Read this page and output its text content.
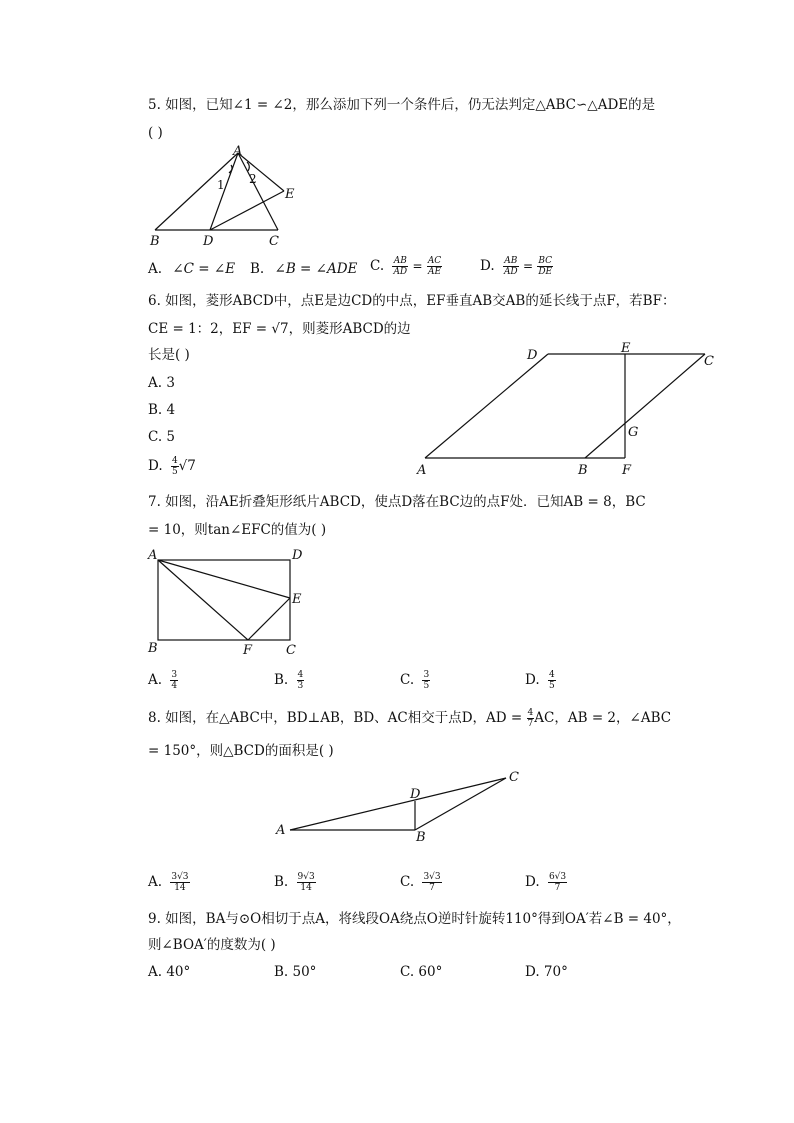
5. 如图，已知∠1 = ∠2，那么添加下列一个条件后，仍无法判定△ABC∽△ADE的是
( )
A
B	C
D
E
1 2
A. ∠C = ∠E B. ∠B = ∠ADE C. $\frac{AB}{AD} = \frac{AC}{AE}$	D. $\frac{AB}{AD} = \frac{BC}{DE}$
6. 如图，菱形ABCD中，点E是边CD的中点，EF垂直AB交AB的延长线于点F，若BF：
CE = 1：2，EF = √7，则菱形ABCD的边
长是( )
A. 3
B. 4
C. 5
D. $\frac{4}{5} √7$	A	B
C
D	E
F
G
7. 如图，沿AE折叠矩形纸片ABCD，使点D落在BC边的点F处．已知AB = 8，BC
= 10，则tan∠EFC的值为( )
A	D
E
B	F	C
A. $\frac{3}{4}$	B. $\frac{4}{3}$	C. $\frac{3}{5}$	D. $\frac{4}{5}$
8. 如图，在△ABC中，BD⊥AB，BD、AC相交于点D，AD = $\frac{4}{7}$ AC，AB = 2，∠ABC
= 150°，则△BCD的面积是( )
A	B
C
D
A. $\frac{3√3}{14}$	B. $\frac{9√3}{14}$	C. $\frac{3√3}{7}$	D. $\frac{6√3}{7}$
9. 如图，BA与⊙O相切于点A，将线段OA绕点O逆时针旋转110°得到OA′若∠B = 40°，
则∠BOA′的度数为( )
A. 40°	B. 50°	C. 60°	D. 70°
